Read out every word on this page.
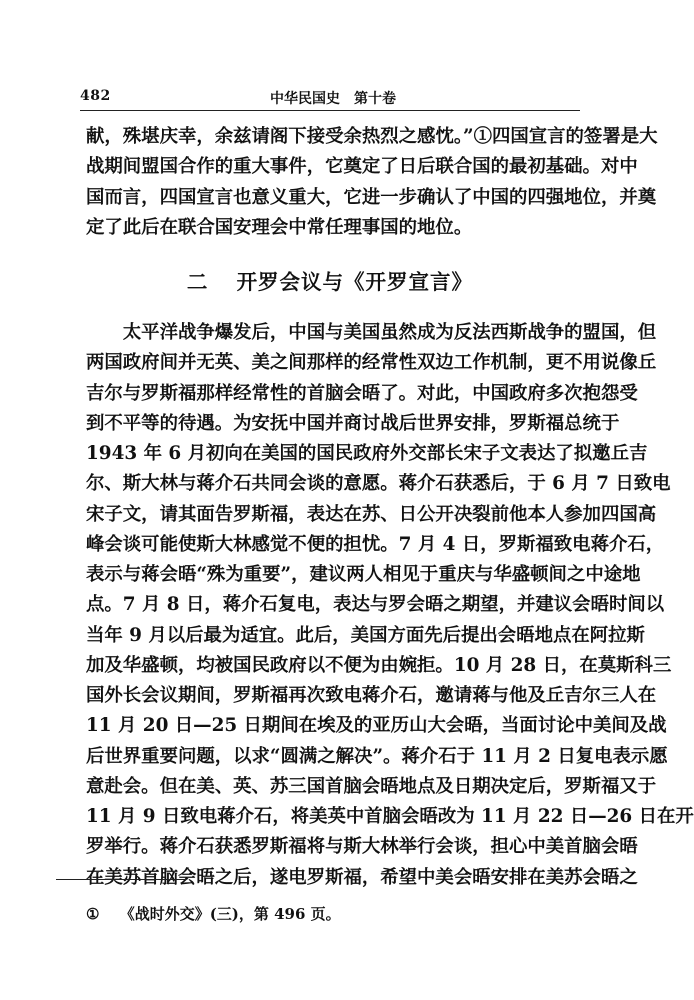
482	中华民国史　第十卷
献，殊堪庆幸，余兹请阁下接受余热烈之感忱。”①四国宣言的签署是大
战期间盟国合作的重大事件，它奠定了日后联合国的最初基础。对中
国而言，四国宣言也意义重大，它进一步确认了中国的四强地位，并奠
定了此后在联合国安理会中常任理事国的地位。
二 开罗会议与《开罗宣言》
　　太平洋战争爆发后，中国与美国虽然成为反法西斯战争的盟国，但
两国政府间并无英、美之间那样的经常性双边工作机制，更不用说像丘
吉尔与罗斯福那样经常性的首脑会晤了。对此，中国政府多次抱怨受
到不平等的待遇。为安抚中国并商讨战后世界安排，罗斯福总统于
1943 年 6 月初向在美国的国民政府外交部长宋子文表达了拟邀丘吉
尔、斯大林与蒋介石共同会谈的意愿。蒋介石获悉后，于 6 月 7 日致电
宋子文，请其面告罗斯福，表达在苏、日公开决裂前他本人参加四国高
峰会谈可能使斯大林感觉不便的担忧。7 月 4 日，罗斯福致电蒋介石，
表示与蒋会晤“殊为重要”，建议两人相见于重庆与华盛顿间之中途地
点。7 月 8 日，蒋介石复电，表达与罗会晤之期望，并建议会晤时间以
当年 9 月以后最为适宜。此后，美国方面先后提出会晤地点在阿拉斯
加及华盛顿，均被国民政府以不便为由婉拒。10 月 28 日，在莫斯科三
国外长会议期间，罗斯福再次致电蒋介石，邀请蒋与他及丘吉尔三人在
11 月 20 日—25 日期间在埃及的亚历山大会晤，当面讨论中美间及战
后世界重要问题，以求“圆满之解决”。蒋介石于 11 月 2 日复电表示愿
意赴会。但在美、英、苏三国首脑会晤地点及日期决定后，罗斯福又于
11 月 9 日致电蒋介石，将美英中首脑会晤改为 11 月 22 日—26 日在开
罗举行。蒋介石获悉罗斯福将与斯大林举行会谈，担心中美首脑会晤
在美苏首脑会晤之后，遂电罗斯福，希望中美会晤安排在美苏会晤之
① 《战时外交》(三)，第 496 页。
